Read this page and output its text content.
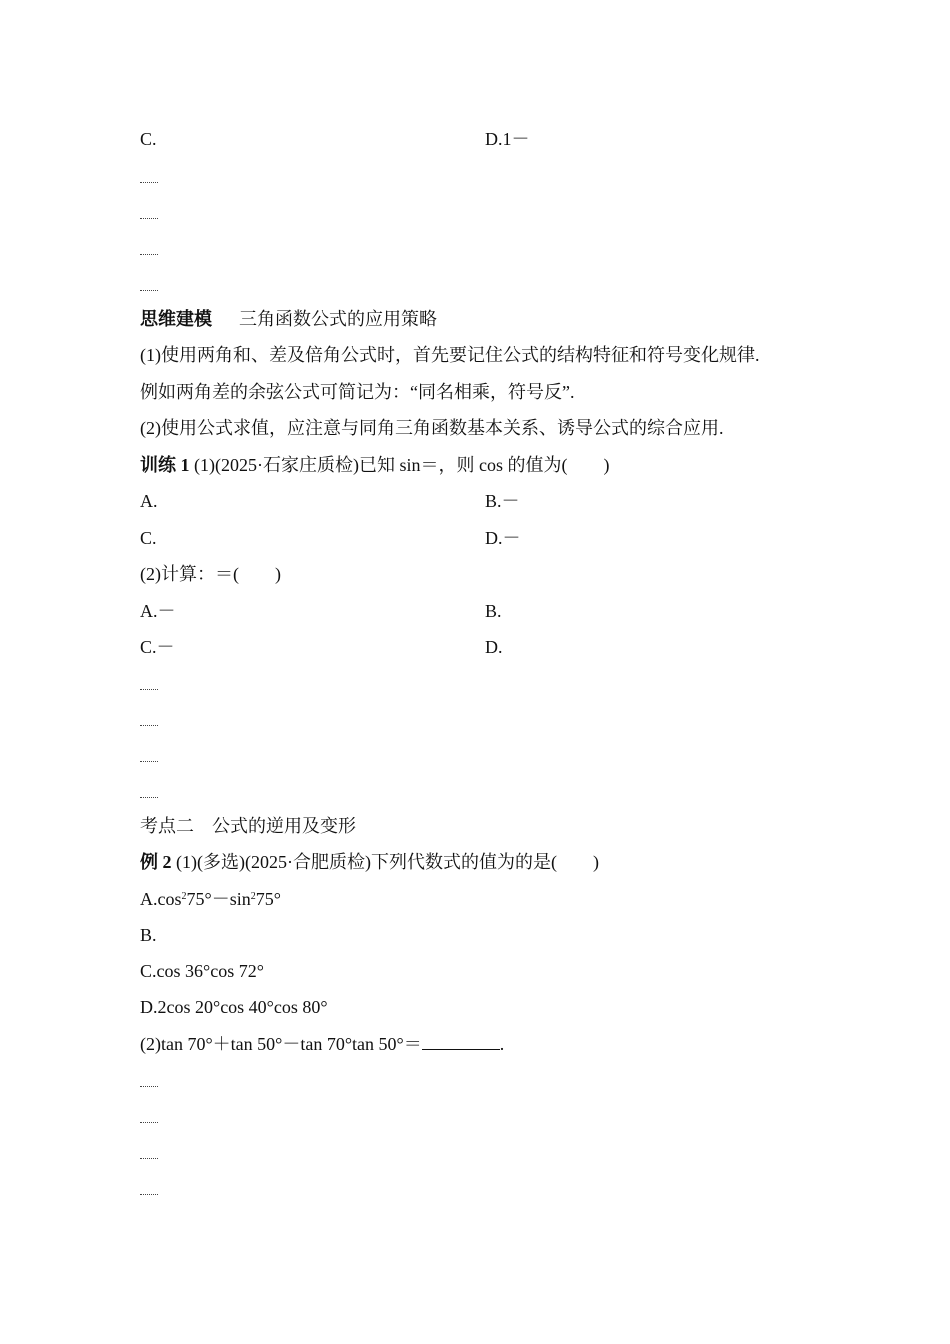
C.	D.1－
思维建模 三角函数公式的应用策略
(1)使用两角和、差及倍角公式时，首先要记住公式的结构特征和符号变化规律.
例如两角差的余弦公式可简记为：“同名相乘，符号反”.
(2)使用公式求值，应注意与同角三角函数基本关系、诱导公式的综合应用.
训练 1 (1)(2025·石家庄质检)已知 sin＝，则 cos 的值为(　　)
A.	B.－
C.	D.－
(2)计算：＝(　　)
A.－	B.
C.－	D.
考点二　公式的逆用及变形
例 2 (1)(多选)(2025·合肥质检)下列代数式的值为的是(　　)
$A.\cos^275^\circ-\sin^275^\circ$
B.
C.cos 36°cos 72°
D.2cos 20°cos 40°cos 80°
(2)tan 70°＋tan 50°－tan 70°tan 50°＝	.
